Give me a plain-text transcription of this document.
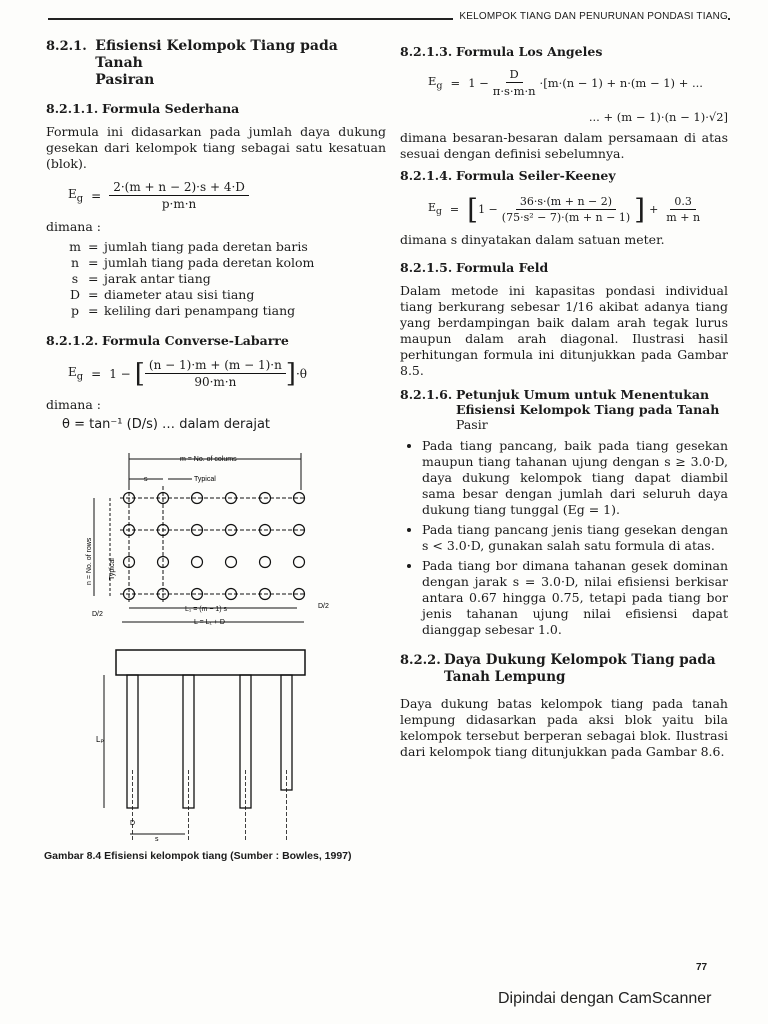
KELOMPOK TIANG DAN PENURUNAN PONDASI TIANG
8.2.1. Efisiensi Kelompok Tiang pada Tanah
Pasiran
8.2.1.1. Formula Sederhana

Formula ini didasarkan pada jumlah daya dukung gesekan dari kelompok tiang sebagai satu kesatuan (blok).

$E_g = \frac{2\cdot(m + n - 2)\cdot s + 4\cdot D}{p\cdot m\cdot n}$

dimana :

m = jumlah tiang pada deretan baris
n = jumlah tiang pada deretan kolom
s = jarak antar tiang
D = diameter atau sisi tiang
p = keliling dari penampang tiang
8.2.1.2. Formula Converse-Labarre
$E_g = 1$ − [ $\frac{(n - 1)\cdot m + (m - 1)\cdot n}{90\cdot m\cdot n}$ ] ·θ

dimana :

θ = tan⁻¹ (D/s) … dalam derajat

m = No. of colums
s	Typical
n = No. of rows Typical
D/2
D/2
L₁ = (m − 1) s
L = L₁ + D
Lₚ
D
s
Gambar 8.4 Efisiensi kelompok tiang (Sumber : Bowles, 1997)
8.2.1.3. Formula Los Angeles
$E_g = 1 - \frac{D}{\pi\cdot s\cdot m\cdot n} \cdot[m\cdot(n - 1) + n\cdot(m - 1)$ + ...
... + (m − 1)·(n − 1)·√2]

dimana besaran-besaran dalam persamaan di atas sesuai dengan definisi sebelumnya.

8.2.1.4. Formula Seiler-Keeney
$E_g$ = [ $1 - \frac{36\cdot s\cdot(m + n - 2)}{\text{(75·s² − 7)·(m + n − 1)}}$ ] + $\frac{0.3}{m + n}$

dimana s dinyatakan dalam satuan meter.

8.2.1.5. Formula Feld

Dalam metode ini kapasitas pondasi individual tiang berkurang sebesar 1/16 akibat adanya tiang yang berdampingan baik dalam arah tegak lurus maupun dalam arah diagonal. Ilustrasi hasil perhitungan formula ini ditunjukkan pada Gambar 8.5.

8.2.1.6. Petunjuk Umum untuk Menentukan
Efisiensi Kelompok Tiang pada Tanah
Pasir
• Pada tiang pancang, baik pada tiang gesekan maupun tiang tahanan ujung dengan s ≥ 3.0·D, daya dukung kelompok tiang dapat diambil sama besar dengan jumlah dari seluruh daya dukung tiang tunggal (Eg = 1).
• Pada tiang pancang jenis tiang gesekan dengan s < 3.0·D, gunakan salah satu formula di atas.
• Pada tiang bor dimana tahanan gesek dominan dengan jarak s = 3.0·D, nilai efisiensi berkisar antara 0.67 hingga 0.75, tetapi pada tiang bor jenis tahanan ujung nilai efisiensi dapat dianggap sebesar 1.0.
8.2.2. Daya Dukung Kelompok Tiang pada
Tanah Lempung

Daya dukung batas kelompok tiang pada tanah lempung didasarkan pada aksi blok yaitu bila kelompok tersebut berperan sebagai blok. Ilustrasi dari kelompok tiang ditunjukkan pada Gambar 8.6.

77
Dipindai dengan CamScanner
